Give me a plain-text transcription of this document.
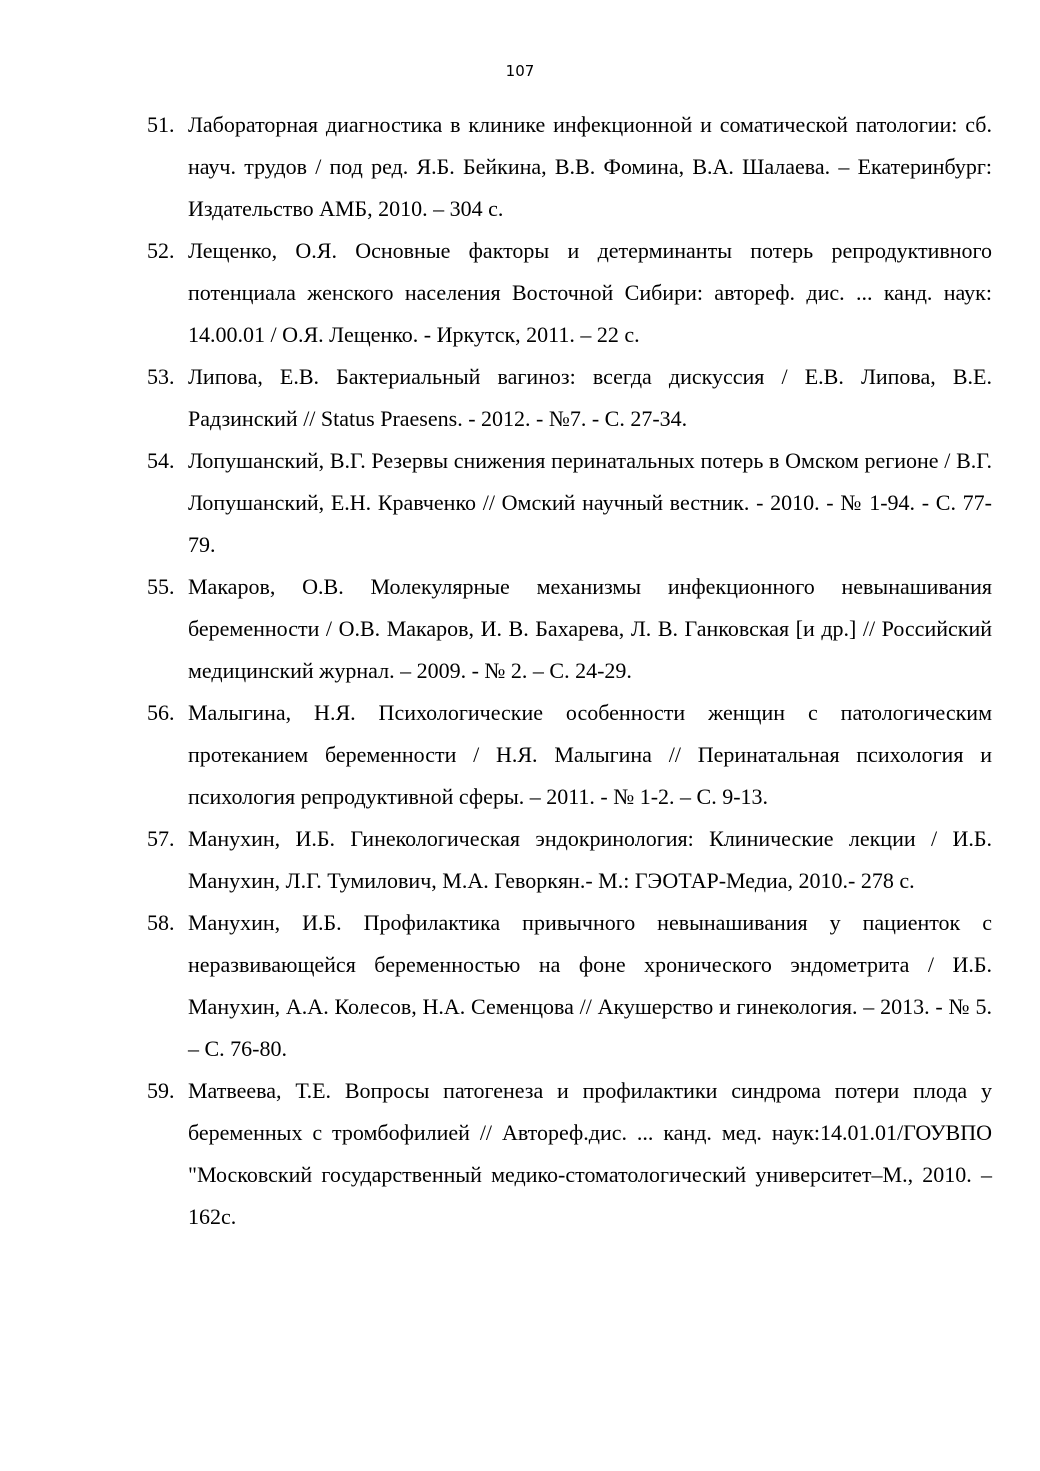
107
51. Лабораторная диагностика в клинике инфекционной и соматической патологии: сб. науч. трудов / под ред. Я.Б. Бейкина, В.В. Фомина, В.А. Шалаева. – Екатеринбург: Издательство АМБ, 2010. – 304 с.
52. Лещенко, О.Я. Основные факторы и детерминанты потерь репродуктивного потенциала женского населения Восточной Сибири: автореф. дис. ... канд. наук: 14.00.01 / О.Я. Лещенко. - Иркутск, 2011. – 22 с.
53. Липова, Е.В. Бактериальный вагиноз: всегда дискуссия / Е.В. Липова, В.Е. Радзинский // Status Praesens. - 2012. - №7. - С. 27-34.
54. Лопушанский, В.Г. Резервы снижения перинатальных потерь в Омском регионе / В.Г. Лопушанский, Е.Н. Кравченко // Омский научный вестник. - 2010. - № 1-94. - С. 77-79.
55. Макаров, О.В. Молекулярные механизмы инфекционного невынашивания беременности / О.В. Макаров, И. В. Бахарева, Л. В. Ганковская [и др.] // Российский медицинский журнал. – 2009. - № 2. – С. 24-29.
56. Малыгина, Н.Я. Психологические особенности женщин с патологическим протеканием беременности / Н.Я. Малыгина // Перинатальная психология и психология репродуктивной сферы. – 2011. - № 1-2. – С. 9-13.
57. Манухин, И.Б. Гинекологическая эндокринология: Клинические лекции / И.Б. Манухин, Л.Г. Тумилович, М.А. Геворкян.- М.: ГЭОТАР-Медиа, 2010.- 278 с.
58. Манухин, И.Б. Профилактика привычного невынашивания у пациенток с неразвивающейся беременностью на фоне хронического эндометрита / И.Б. Манухин, А.А. Колесов, Н.А. Семенцова // Акушерство и гинекология. – 2013. - № 5. – С. 76-80.
59. Матвеева, Т.Е. Вопросы патогенеза и профилактики синдрома потери плода у беременных с тромбофилией // Автореф.дис. ... канд. мед. наук:14.01.01/ГОУВПО "Московский государственный медико-стоматологический университет–М., 2010. –162с.
